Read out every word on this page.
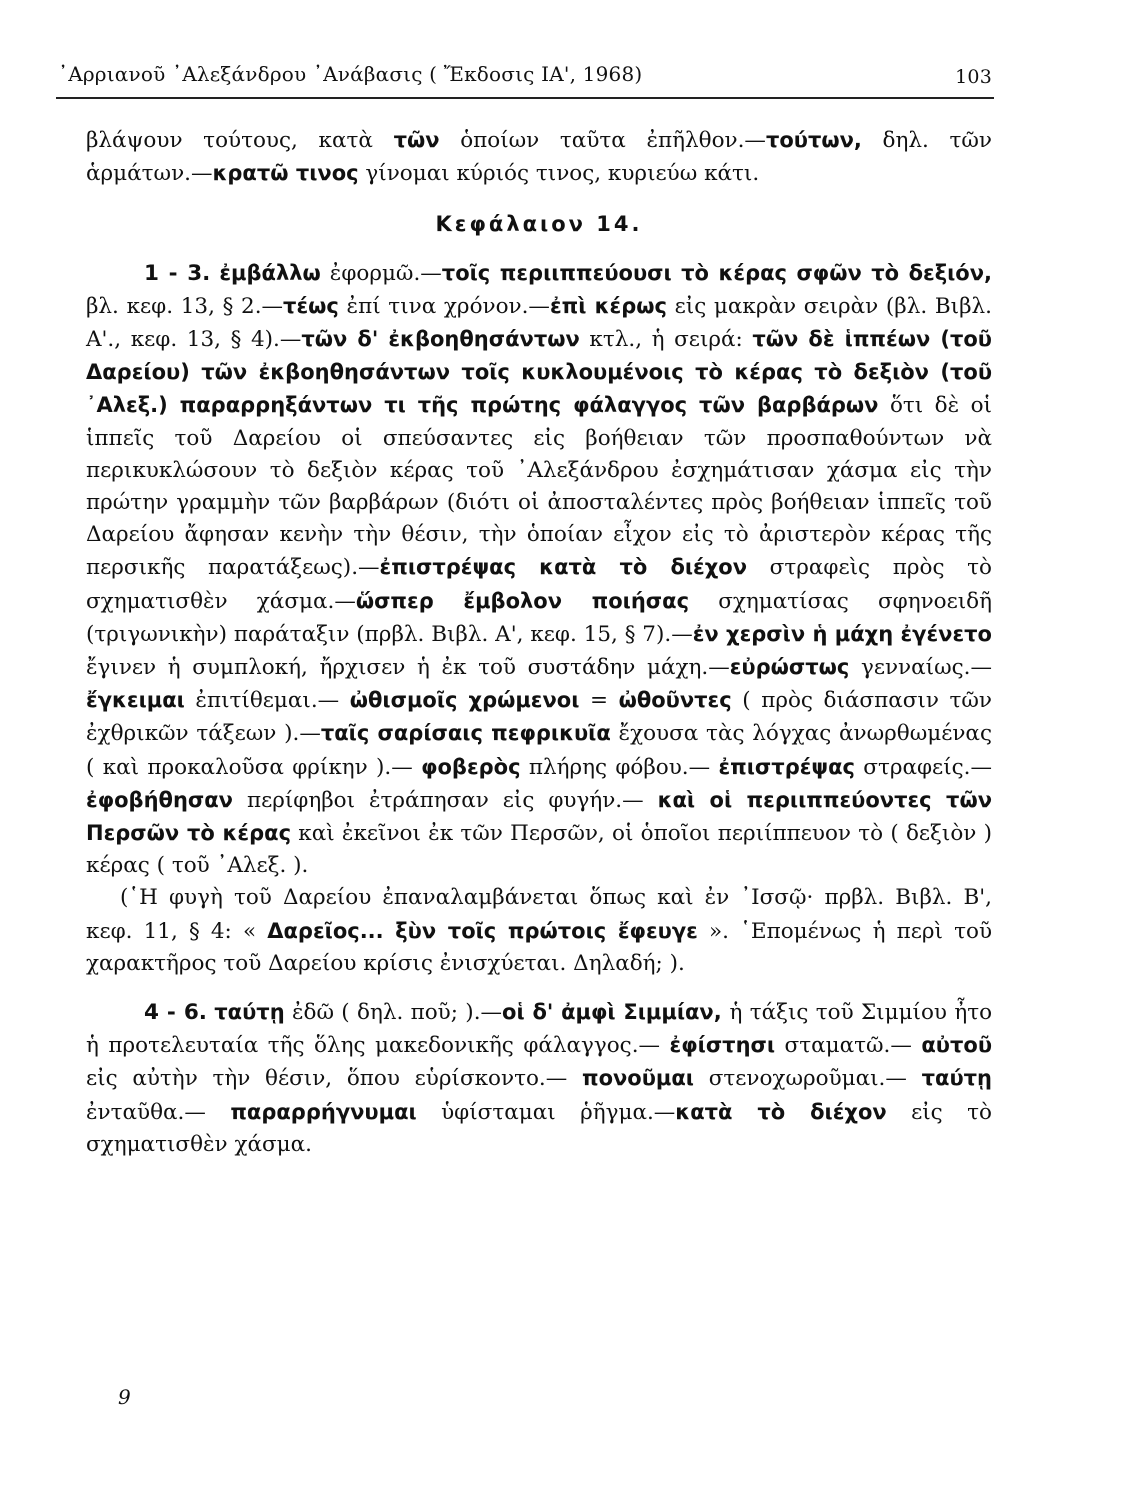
᾿Αρριανοῦ ᾿Αλεξάνδρου ᾿Ανάβασις ( Ἔκδοσις ΙΑ', 1968)	103

βλάψουν τούτους, κατὰ τῶν ὁποίων ταῦτα ἐπῆλθον.—τούτων, δηλ. τῶν ἁρμάτων.—κρατῶ τινος γίνομαι κύριός τινος, κυριεύω κάτι.

Κεφάλαιον 14.

1 - 3. ἐμβάλλω ἐφορμῶ.—τοῖς περιιππεύουσι τὸ κέρας σφῶν τὸ δεξιόν, βλ. κεφ. 13, § 2.—τέως ἐπί τινα χρόνον.—ἐπὶ κέρως εἰς μακρὰν σειρὰν (βλ. Βιβλ. Α'., κεφ. 13, § 4).—τῶν δ' ἐκβοηθησάντων κτλ., ἡ σειρά: τῶν δὲ ἱππέων (τοῦ Δαρείου) τῶν ἐκβοηθησάντων τοῖς κυκλουμένοις τὸ κέρας τὸ δεξιὸν (τοῦ ᾿Αλεξ.) παραρρηξάντων τι τῆς πρώτης φάλαγγος τῶν βαρβάρων ὅτι δὲ οἱ ἱππεῖς τοῦ Δαρείου οἱ σπεύσαντες εἰς βοήθειαν τῶν προσπαθούντων νὰ περικυκλώσουν τὸ δεξιὸν κέρας τοῦ ᾿Αλεξάνδρου ἐσχημάτισαν χάσμα εἰς τὴν πρώτην γραμμὴν τῶν βαρβάρων (διότι οἱ ἀποσταλέντες πρὸς βοήθειαν ἱππεῖς τοῦ Δαρείου ἄφησαν κενὴν τὴν θέσιν, τὴν ὁποίαν εἶχον εἰς τὸ ἀριστερὸν κέρας τῆς περσικῆς παρατάξεως).—ἐπιστρέψας κατὰ τὸ διέχον στραφεὶς πρὸς τὸ σχηματισθὲν χάσμα.—ὥσπερ ἔμβολον ποιήσας σχηματίσας σφηνοειδῆ (τριγωνικὴν) παράταξιν (πρβλ. Βιβλ. Α', κεφ. 15, § 7).—ἐν χερσὶν ἡ μάχη ἐγένετο ἔγινεν ἡ συμπλοκή, ἤρχισεν ἡ ἐκ τοῦ συστάδην μάχη.—εὐρώστως γενναίως.— ἔγκειμαι ἐπιτίθεμαι.— ὠθισμοῖς χρώμενοι = ὠθοῦντες ( πρὸς διάσπασιν τῶν ἐχθρικῶν τάξεων ).—ταῖς σαρίσαις πεφρικυῖα ἔχουσα τὰς λόγχας ἀνωρθωμένας ( καὶ προκαλοῦσα φρίκην ).— φοβερὸς πλήρης φόβου.— ἐπιστρέψας στραφείς.— ἐφοβήθησαν περίφηβοι ἐτράπησαν εἰς φυγήν.— καὶ οἱ περιιππεύοντες τῶν Περσῶν τὸ κέρας καὶ ἐκεῖνοι ἐκ τῶν Περσῶν, οἱ ὁποῖοι περιίππευον τὸ ( δεξιὸν ) κέρας ( τοῦ ᾿Αλεξ. ).

(῾Η φυγὴ τοῦ Δαρείου ἐπαναλαμβάνεται ὅπως καὶ ἐν ᾿Ισσῷ· πρβλ. Βιβλ. Β', κεφ. 11, § 4: « Δαρεῖος... ξὺν τοῖς πρώτοις ἔφευγε ». ῾Επομένως ἡ περὶ τοῦ χαρακτῆρος τοῦ Δαρείου κρίσις ἐνισχύεται. Δηλαδή; ).

4 - 6. ταύτῃ ἐδῶ ( δηλ. ποῦ; ).—οἱ δ' ἀμφὶ Σιμμίαν, ἡ τάξις τοῦ Σιμμίου ἦτο ἡ προτελευταία τῆς ὅλης μακεδονικῆς φάλαγγος.— ἐφίστησι σταματῶ.— αὐτοῦ εἰς αὐτὴν τὴν θέσιν, ὅπου εὑρίσκοντο.— πονοῦμαι στενοχωροῦμαι.— ταύτῃ ἐνταῦθα.— παραρρήγνυμαι ὑφίσταμαι ῥῆγμα.—κατὰ τὸ διέχον εἰς τὸ σχηματισθὲν χάσμα.

9
